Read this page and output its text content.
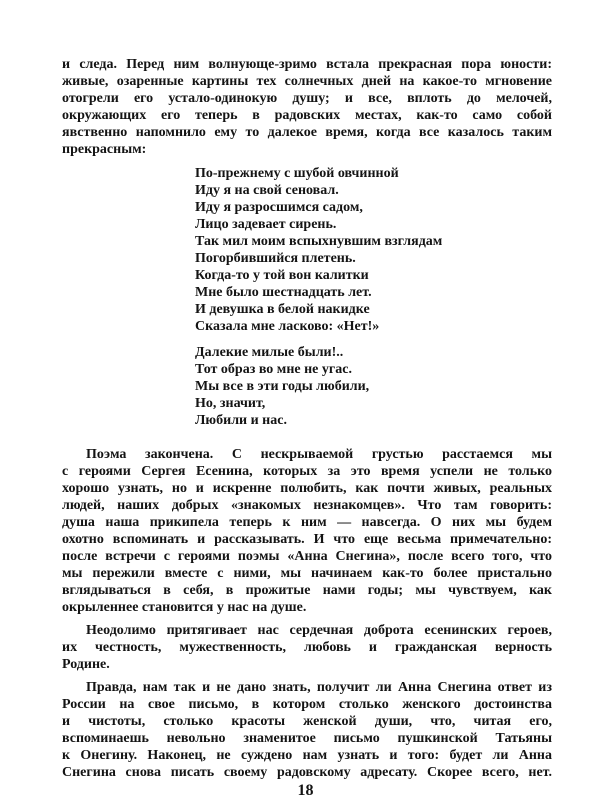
и следа. Перед ним волнующе-зримо встала прекрасная пора юности:
живые, озаренные картины тех солнечных дней на какое-то мгновение
отогрели его устало-одинокую душу; и все, вплоть до мелочей,
окружающих его теперь в радовских местах, как-то само собой
явственно напомнило ему то далекое время, когда все казалось таким
прекрасным:
По-прежнему с шубой овчинной
Иду я на свой сеновал.
Иду я разросшимся садом,
Лицо задевает сирень.
Так мил моим вспыхнувшим взглядам
Погорбившийся плетень.
Когда-то у той вон калитки
Мне было шестнадцать лет.
И девушка в белой накидке
Сказала мне ласково: «Нет!»
Далекие милые были!..
Тот образ во мне не угас.
Мы все в эти годы любили,
Но, значит,
Любили и нас.
Поэма закончена. С нескрываемой грустью расстаемся мы
с героями Сергея Есенина, которых за это время успели не только
хорошо узнать, но и искренне полюбить, как почти живых, реальных
людей, наших добрых «знакомых незнакомцев». Что там говорить:
душа наша прикипела теперь к ним — навсегда. О них мы будем
охотно вспоминать и рассказывать. И что еще весьма примечательно:
после встречи с героями поэмы «Анна Снегина», после всего того, что
мы пережили вместе с ними, мы начинаем как-то более пристально
вглядываться в себя, в прожитые нами годы; мы чувствуем, как
окрыленнее становится у нас на душе.
Неодолимо притягивает нас сердечная доброта есенинских героев,
их честность, мужественность, любовь и гражданская верность
Родине.
Правда, нам так и не дано знать, получит ли Анна Снегина ответ из
России на свое письмо, в котором столько женского достоинства
и чистоты, столько красоты женской души, что, читая его,
вспоминаешь невольно знаменитое письмо пушкинской Татьяны
к Онегину. Наконец, не суждено нам узнать и того: будет ли Анна
Снегина снова писать своему радовскому адресату. Скорее всего, нет.
18
